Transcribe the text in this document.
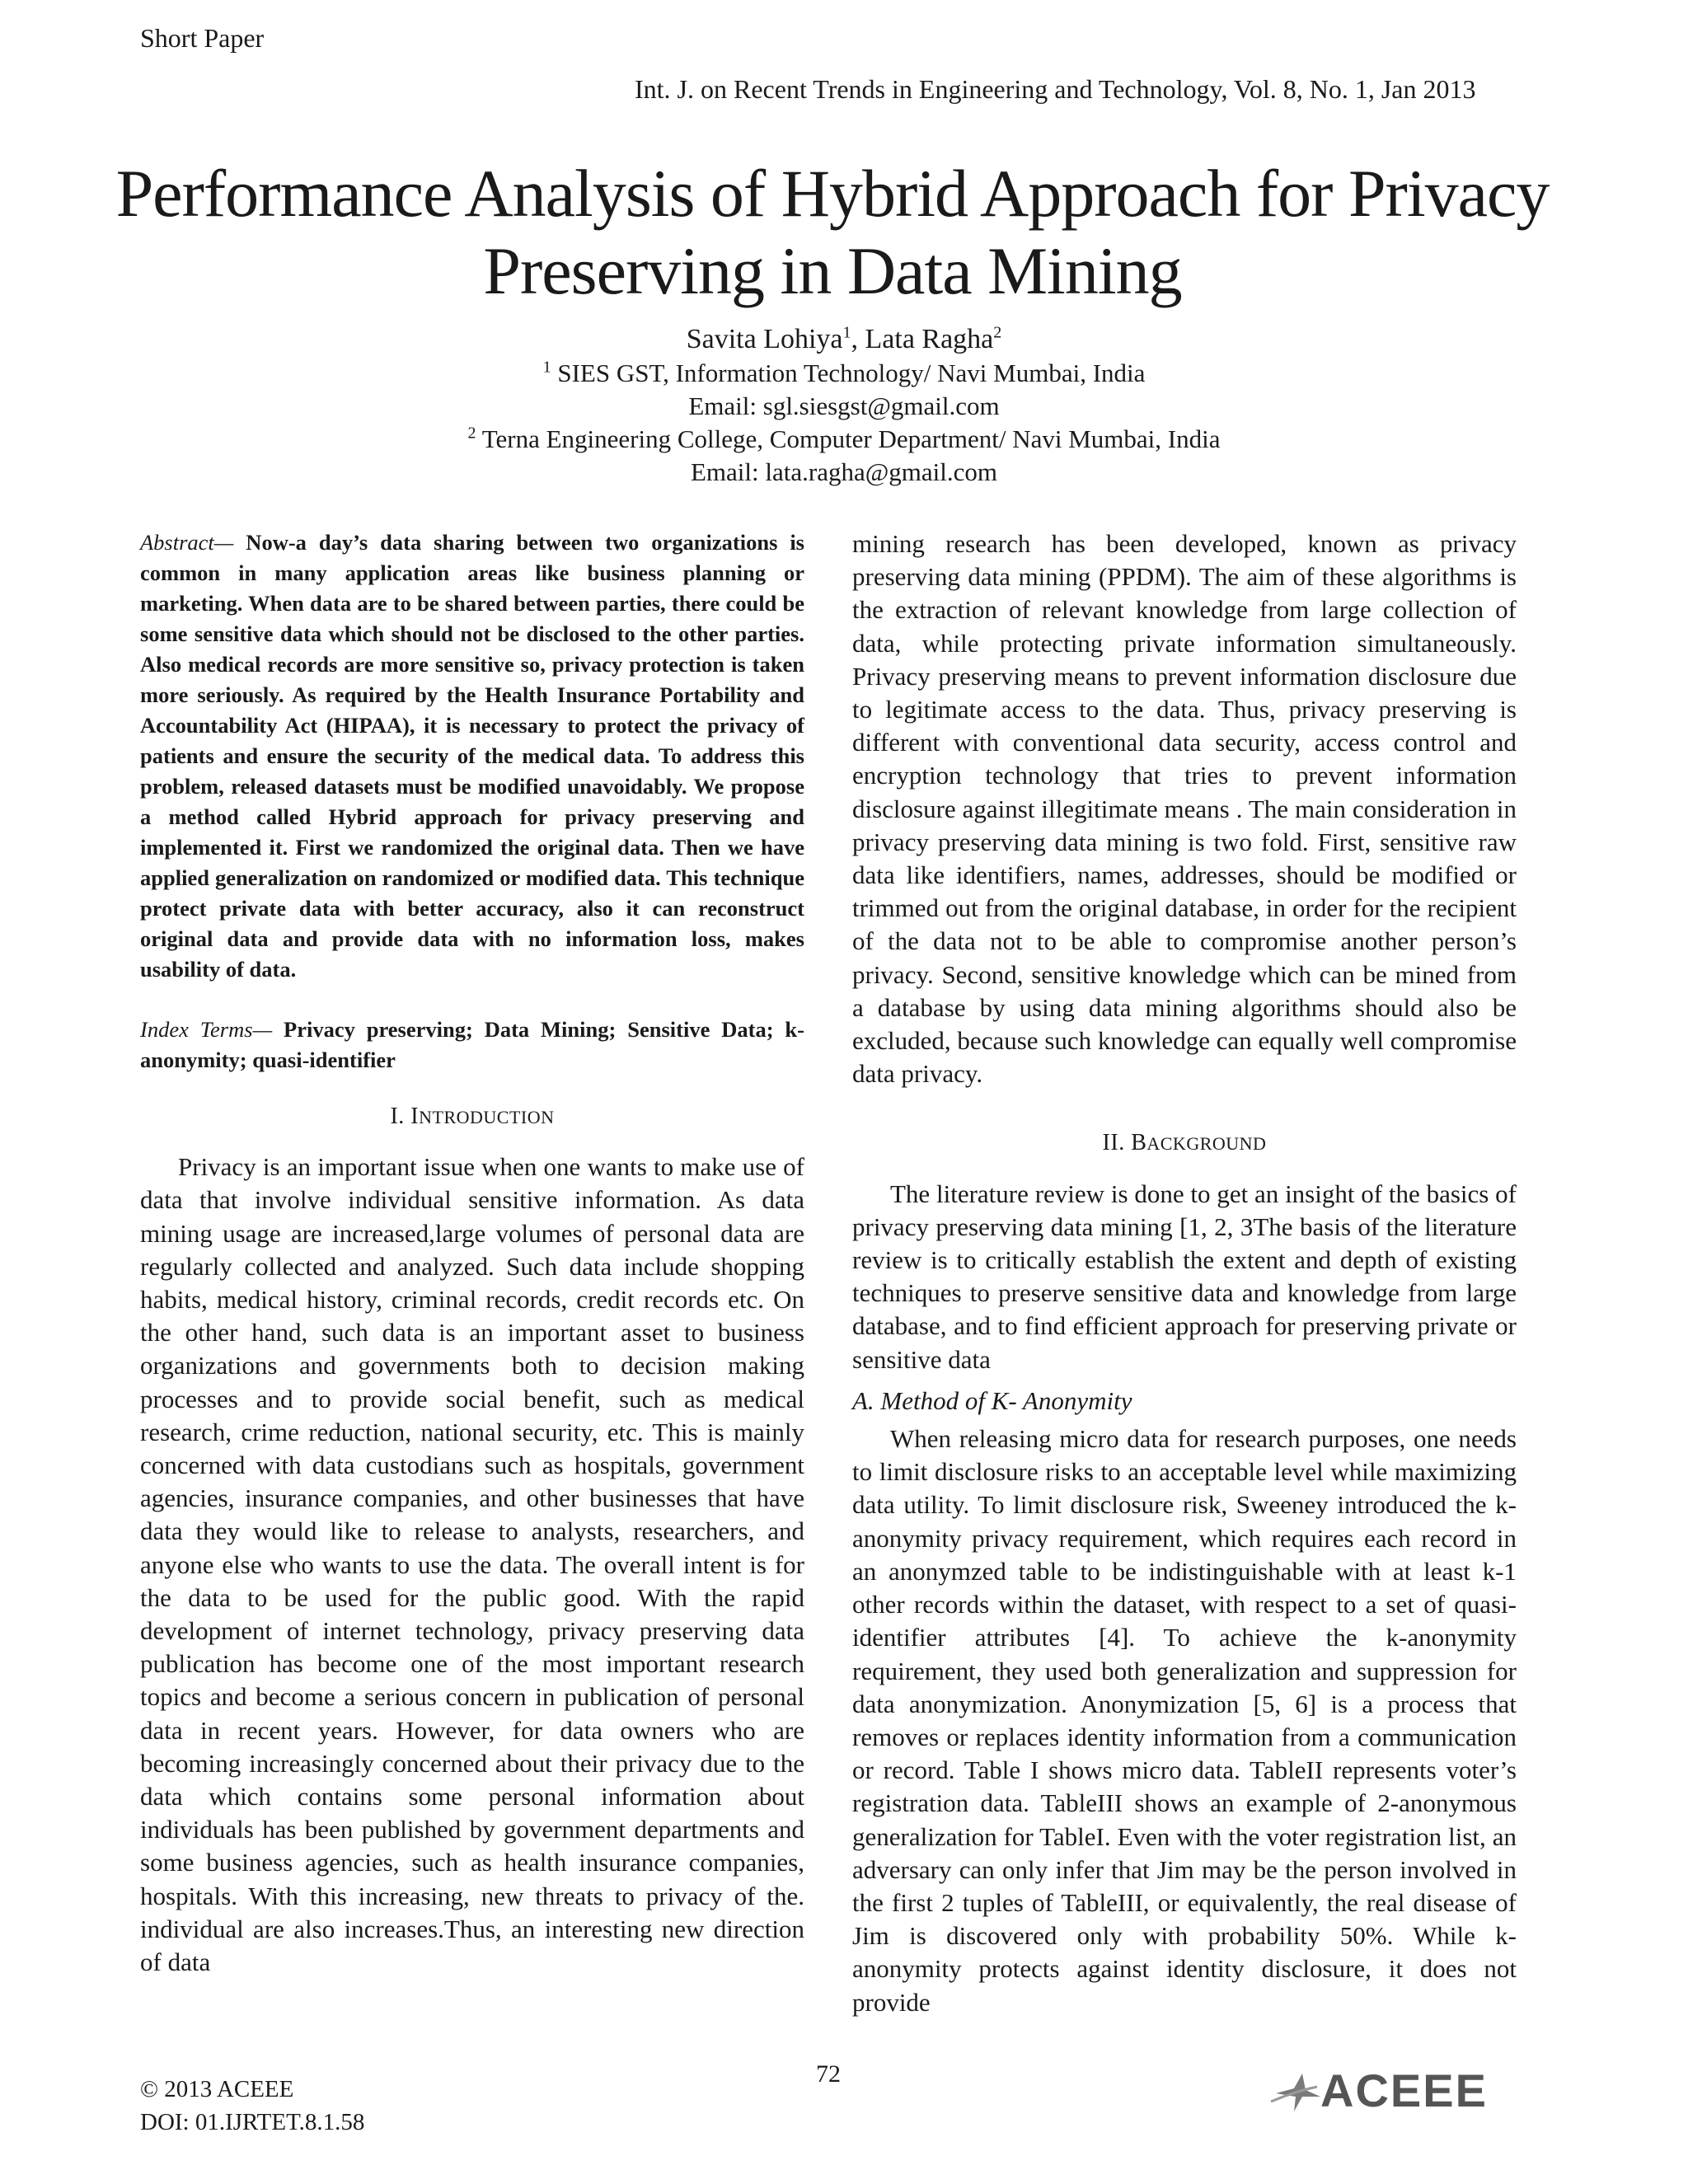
Short Paper
Int. J. on Recent Trends in Engineering and Technology, Vol. 8, No. 1, Jan 2013
Performance Analysis of Hybrid Approach for Privacy Preserving in Data Mining
Savita Lohiya$^1$, Lata Ragha$^2$
$^1$ SIES GST, Information Technology/ Navi Mumbai, India
Email: sgl.siesgst@gmail.com
$^2$ Terna Engineering College, Computer Department/ Navi Mumbai, India
Email: lata.ragha@gmail.com

Abstract— Now-a day’s data sharing between two organizations is common in many application areas like business planning or marketing. When data are to be shared between parties, there could be some sensitive data which should not be disclosed to the other parties. Also medical records are more sensitive so, privacy protection is taken more seriously. As required by the Health Insurance Portability and Accountability Act (HIPAA), it is necessary to protect the privacy of patients and ensure the security of the medical data. To address this problem, released datasets must be modified unavoidably. We propose a method called Hybrid approach for privacy preserving and implemented it. First we randomized the original data. Then we have applied generalization on randomized or modified data. This technique protect private data with better accuracy, also it can reconstruct original data and provide data with no information loss, makes usability of data.

Index Terms— Privacy preserving; Data Mining; Sensitive Data; k-anonymity; quasi-identifier

I. INTRODUCTION

Privacy is an important issue when one wants to make use of data that involve individual sensitive information. As data mining usage are increased,large volumes of personal data are regularly collected and analyzed. Such data include shopping habits, medical history, criminal records, credit records etc. On the other hand, such data is an important asset to business organizations and governments both to decision making processes and to provide social benefit, such as medical research, crime reduction, national security, etc. This is mainly concerned with data custodians such as hospitals, government agencies, insurance companies, and other businesses that have data they would like to release to analysts, researchers, and anyone else who wants to use the data. The overall intent is for the data to be used for the public good. With the rapid development of internet technology, privacy preserving data publication has become one of the most important research topics and become a serious concern in publication of personal data in recent years. However, for data owners who are becoming increasingly concerned about their privacy due to the data which contains some personal information about individuals has been published by government departments and some business agencies, such as health insurance companies, hospitals. With this increasing, new threats to privacy of the. individual are also increases.Thus, an interesting new direction of data

mining research has been developed, known as privacy preserving data mining (PPDM). The aim of these algorithms is the extraction of relevant knowledge from large collection of data, while protecting private information simultaneously. Privacy preserving means to prevent information disclosure due to legitimate access to the data. Thus, privacy preserving is different with conventional data security, access control and encryption technology that tries to prevent information disclosure against illegitimate means . The main consideration in privacy preserving data mining is two fold. First, sensitive raw data like identifiers, names, addresses, should be modified or trimmed out from the original database, in order for the recipient of the data not to be able to compromise another person’s privacy. Second, sensitive knowledge which can be mined from a database by using data mining algorithms should also be excluded, because such knowledge can equally well compromise data privacy.

II. BACKGROUND

The literature review is done to get an insight of the basics of privacy preserving data mining [1, 2, 3The basis of the literature review is to critically establish the extent and depth of existing techniques to preserve sensitive data and knowledge from large database, and to find efficient approach for preserving private or sensitive data

A. Method of K- Anonymity

When releasing micro data for research purposes, one needs to limit disclosure risks to an acceptable level while maximizing data utility. To limit disclosure risk, Sweeney introduced the k-anonymity privacy requirement, which requires each record in an anonymzed table to be indistinguishable with at least k-1 other records within the dataset, with respect to a set of quasi-identifier attributes [4]. To achieve the k-anonymity requirement, they used both generalization and suppression for data anonymization. Anonymization [5, 6] is a process that removes or replaces identity information from a communication or record. Table I shows micro data. TableII represents voter’s registration data. TableIII shows an example of 2-anonymous generalization for TableI. Even with the voter registration list, an adversary can only infer that Jim may be the person involved in the first 2 tuples of TableIII, or equivalently, the real disease of Jim is discovered only with probability 50%. While k-anonymity protects against identity disclosure, it does not provide

72
© 2013 ACEEE
DOI: 01.IJRTET.8.1.58
ACEEE
